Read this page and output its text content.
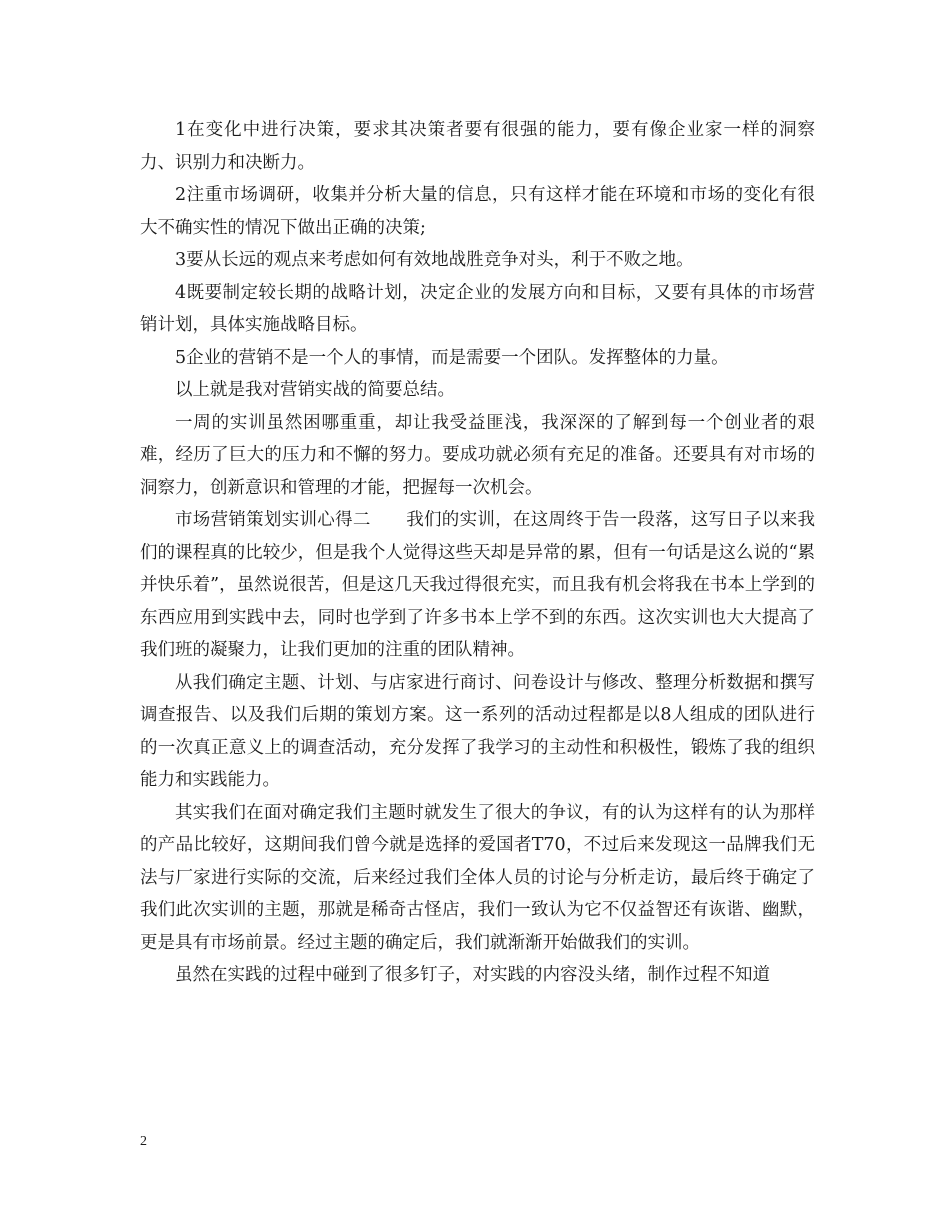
1在变化中进行决策，要求其决策者要有很强的能力，要有像企业家一样的洞察力、识别力和决断力。

2注重市场调研，收集并分析大量的信息，只有这样才能在环境和市场的变化有很大不确实性的情况下做出正确的决策;

3要从长远的观点来考虑如何有效地战胜竞争对头，利于不败之地。

4既要制定较长期的战略计划，决定企业的发展方向和目标，又要有具体的市场营销计划，具体实施战略目标。

5企业的营销不是一个人的事情，而是需要一个团队。发挥整体的力量。

以上就是我对营销实战的简要总结。

一周的实训虽然困哪重重，却让我受益匪浅，我深深的了解到每一个创业者的艰难，经历了巨大的压力和不懈的努力。要成功就必须有充足的准备。还要具有对市场的洞察力，创新意识和管理的才能，把握每一次机会。

市场营销策划实训心得二　　我们的实训，在这周终于告一段落，这写日子以来我们的课程真的比较少，但是我个人觉得这些天却是异常的累，但有一句话是这么说的“累并快乐着”，虽然说很苦，但是这几天我过得很充实，而且我有机会将我在书本上学到的东西应用到实践中去，同时也学到了许多书本上学不到的东西。这次实训也大大提高了我们班的凝聚力，让我们更加的注重的团队精神。

从我们确定主题、计划、与店家进行商讨、问卷设计与修改、整理分析数据和撰写调查报告、以及我们后期的策划方案。这一系列的活动过程都是以8人组成的团队进行的一次真正意义上的调查活动，充分发挥了我学习的主动性和积极性，锻炼了我的组织能力和实践能力。

其实我们在面对确定我们主题时就发生了很大的争议，有的认为这样有的认为那样的产品比较好，这期间我们曾今就是选择的爱国者T70，不过后来发现这一品牌我们无法与厂家进行实际的交流，后来经过我们全体人员的讨论与分析走访，最后终于确定了我们此次实训的主题，那就是稀奇古怪店，我们一致认为它不仅益智还有诙谐、幽默，更是具有市场前景。经过主题的确定后，我们就渐渐开始做我们的实训。

虽然在实践的过程中碰到了很多钉子，对实践的内容没头绪，制作过程不知道

2
